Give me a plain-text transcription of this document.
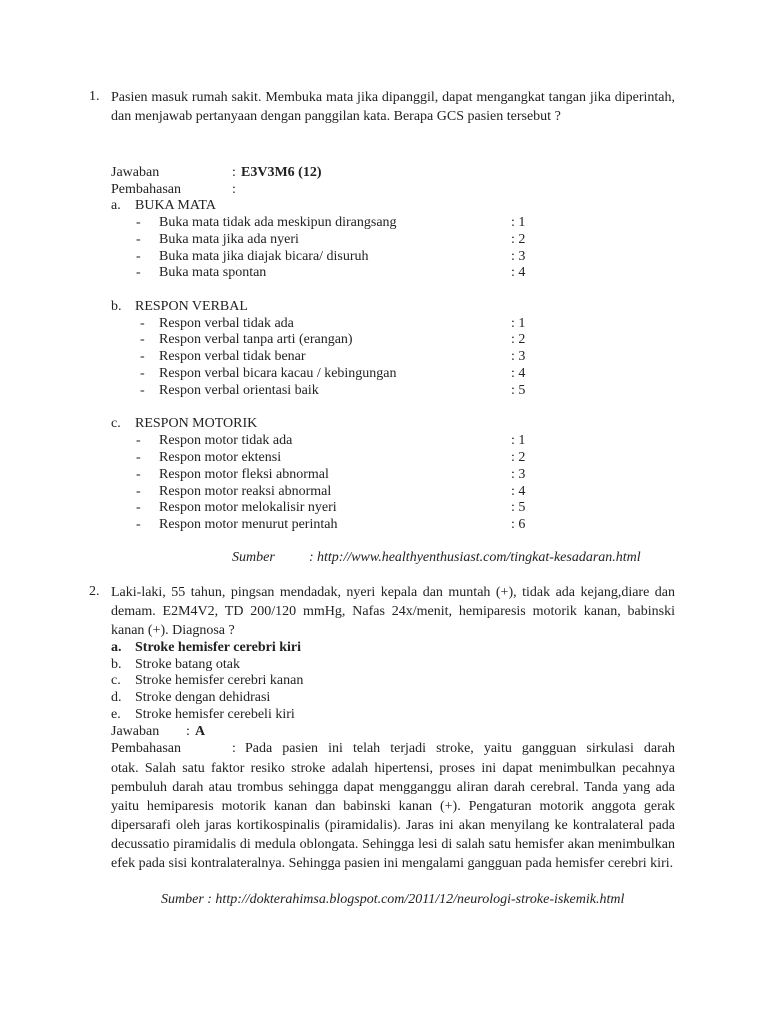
1. Pasien masuk rumah sakit. Membuka mata jika dipanggil, dapat mengangkat tangan jika diperintah, dan menjawab pertanyaan dengan panggilan kata. Berapa GCS pasien tersebut ?
Jawaban	: E3V3M6 (12)
Pembahasan	:
a. BUKA MATA
- Buka mata tidak ada meskipun dirangsang	: 1
- Buka mata jika ada nyeri	: 2
- Buka mata jika diajak bicara/ disuruh	: 3
- Buka mata spontan	: 4
b. RESPON VERBAL
- Respon verbal tidak ada	: 1
- Respon verbal tanpa arti (erangan)	: 2
- Respon verbal tidak benar	: 3
- Respon verbal bicara kacau / kebingungan	: 4
- Respon verbal orientasi baik	: 5
c. RESPON MOTORIK
- Respon motor tidak ada	: 1
- Respon motor ektensi	: 2
- Respon motor fleksi abnormal	: 3
- Respon motor reaksi abnormal	: 4
- Respon motor melokalisir nyeri	: 5
- Respon motor menurut perintah	: 6
Sumber : http://www.healthyenthusiast.com/tingkat-kesadaran.html
2. Laki-laki, 55 tahun, pingsan mendadak, nyeri kepala dan muntah (+), tidak ada kejang,diare dan demam. E2M4V2, TD 200/120 mmHg, Nafas 24x/menit, hemiparesis motorik kanan, babinski kanan (+). Diagnosa ?
a. Stroke hemisfer cerebri kiri
b. Stroke batang otak
c. Stroke hemisfer cerebri kanan
d. Stroke dengan dehidrasi
e. Stroke hemisfer cerebeli kiri
Jawaban : A
Pembahasan	: Pada pasien ini telah terjadi stroke, yaitu gangguan sirkulasi darah
otak. Salah satu faktor resiko stroke adalah hipertensi, proses ini dapat menimbulkan pecahnya pembuluh darah atau trombus sehingga dapat mengganggu aliran darah cerebral. Tanda yang ada yaitu hemiparesis motorik kanan dan babinski kanan (+). Pengaturan motorik anggota gerak dipersarafi oleh jaras kortikospinalis (piramidalis). Jaras ini akan menyilang ke kontralateral pada decussatio piramidalis di medula oblongata. Sehingga lesi di salah satu hemisfer akan menimbulkan efek pada sisi kontralateralnya. Sehingga pasien ini mengalami gangguan pada hemisfer cerebri kiri.
Sumber : http://dokterahimsa.blogspot.com/2011/12/neurologi-stroke-iskemik.html
